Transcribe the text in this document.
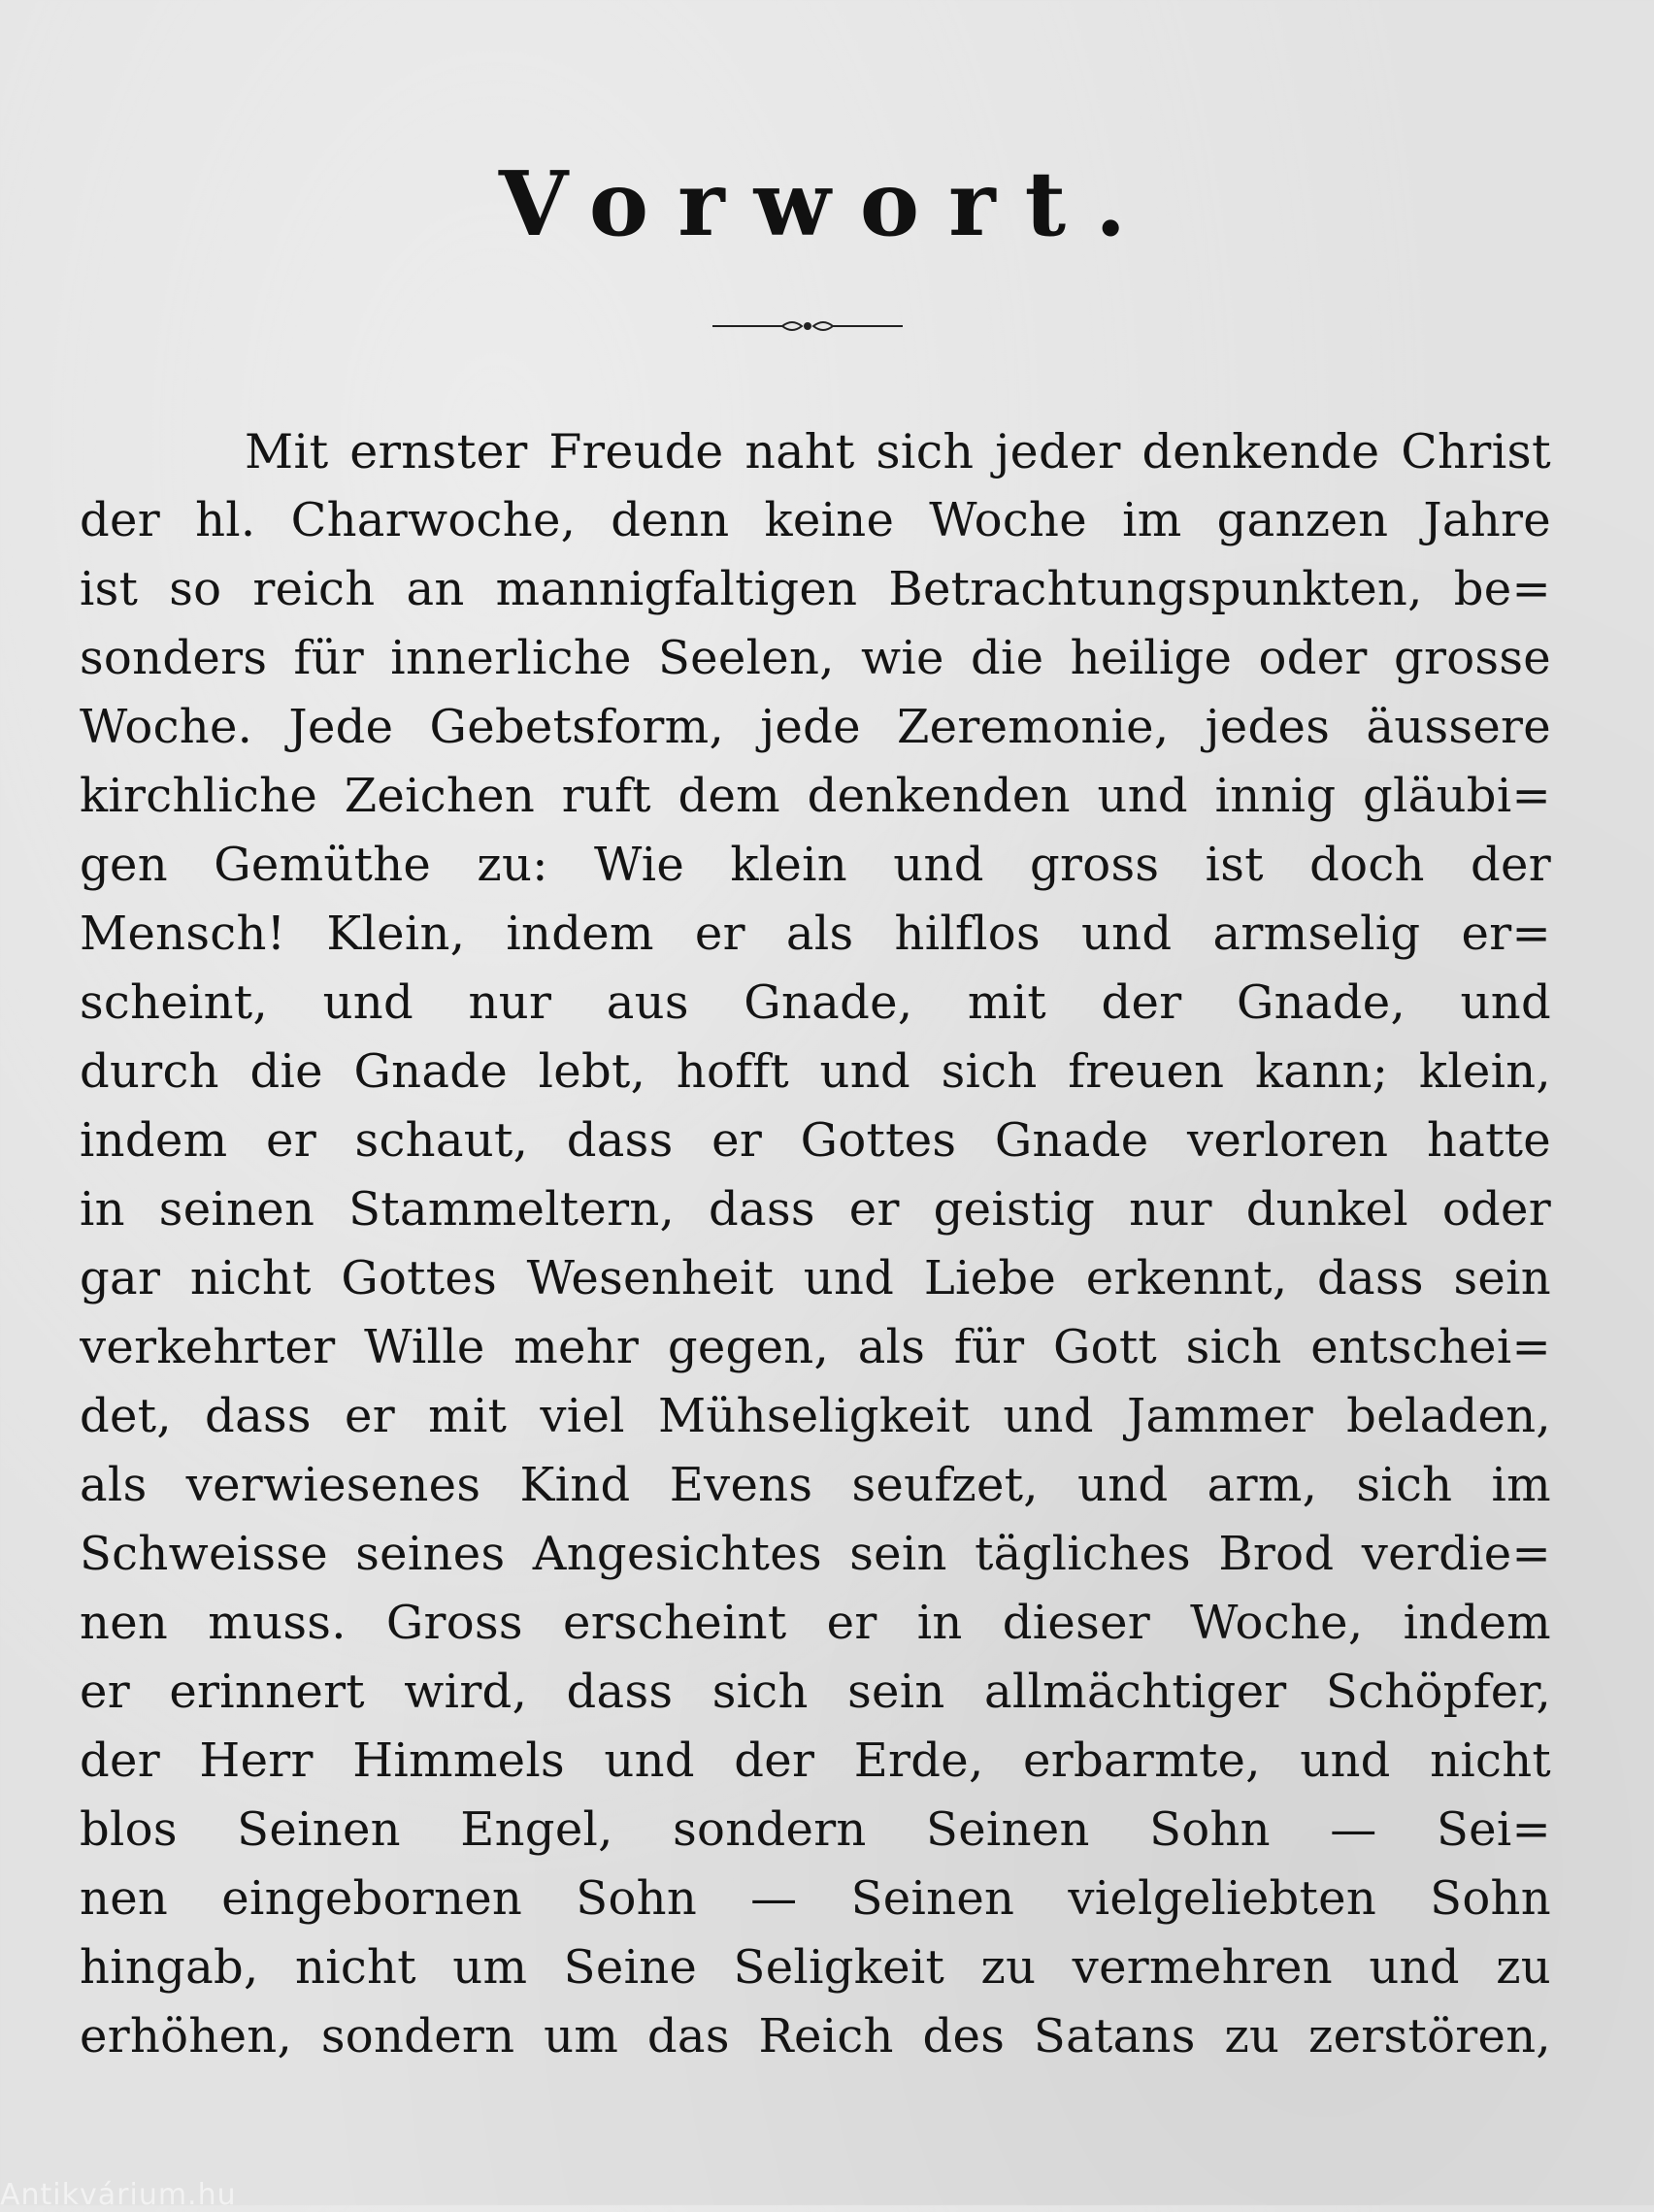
Vorwort.
Mit ernster Freude naht sich jeder denkende Christ
der hl. Charwoche, denn keine Woche im ganzen Jahre
ist so reich an mannigfaltigen Betrachtungspunkten, be=
sonders für innerliche Seelen, wie die heilige oder grosse
Woche. Jede Gebetsform, jede Zeremonie, jedes äussere
kirchliche Zeichen ruft dem denkenden und innig gläubi=
gen Gemüthe zu: Wie klein und gross ist doch der
Mensch! Klein, indem er als hilflos und armselig er=
scheint, und nur aus Gnade, mit der Gnade, und
durch die Gnade lebt, hofft und sich freuen kann; klein,
indem er schaut, dass er Gottes Gnade verloren hatte
in seinen Stammeltern, dass er geistig nur dunkel oder
gar nicht Gottes Wesenheit und Liebe erkennt, dass sein
verkehrter Wille mehr gegen, als für Gott sich entschei=
det, dass er mit viel Mühseligkeit und Jammer beladen,
als verwiesenes Kind Evens seufzet, und arm, sich im
Schweisse seines Angesichtes sein tägliches Brod verdie=
nen muss. Gross erscheint er in dieser Woche, indem
er erinnert wird, dass sich sein allmächtiger Schöpfer,
der Herr Himmels und der Erde, erbarmte, und nicht
blos Seinen Engel, sondern Seinen Sohn — Sei=
nen eingebornen Sohn — Seinen vielgeliebten Sohn
hingab, nicht um Seine Seligkeit zu vermehren und zu
erhöhen, sondern um das Reich des Satans zu zerstören,
Antikvárium.hu
